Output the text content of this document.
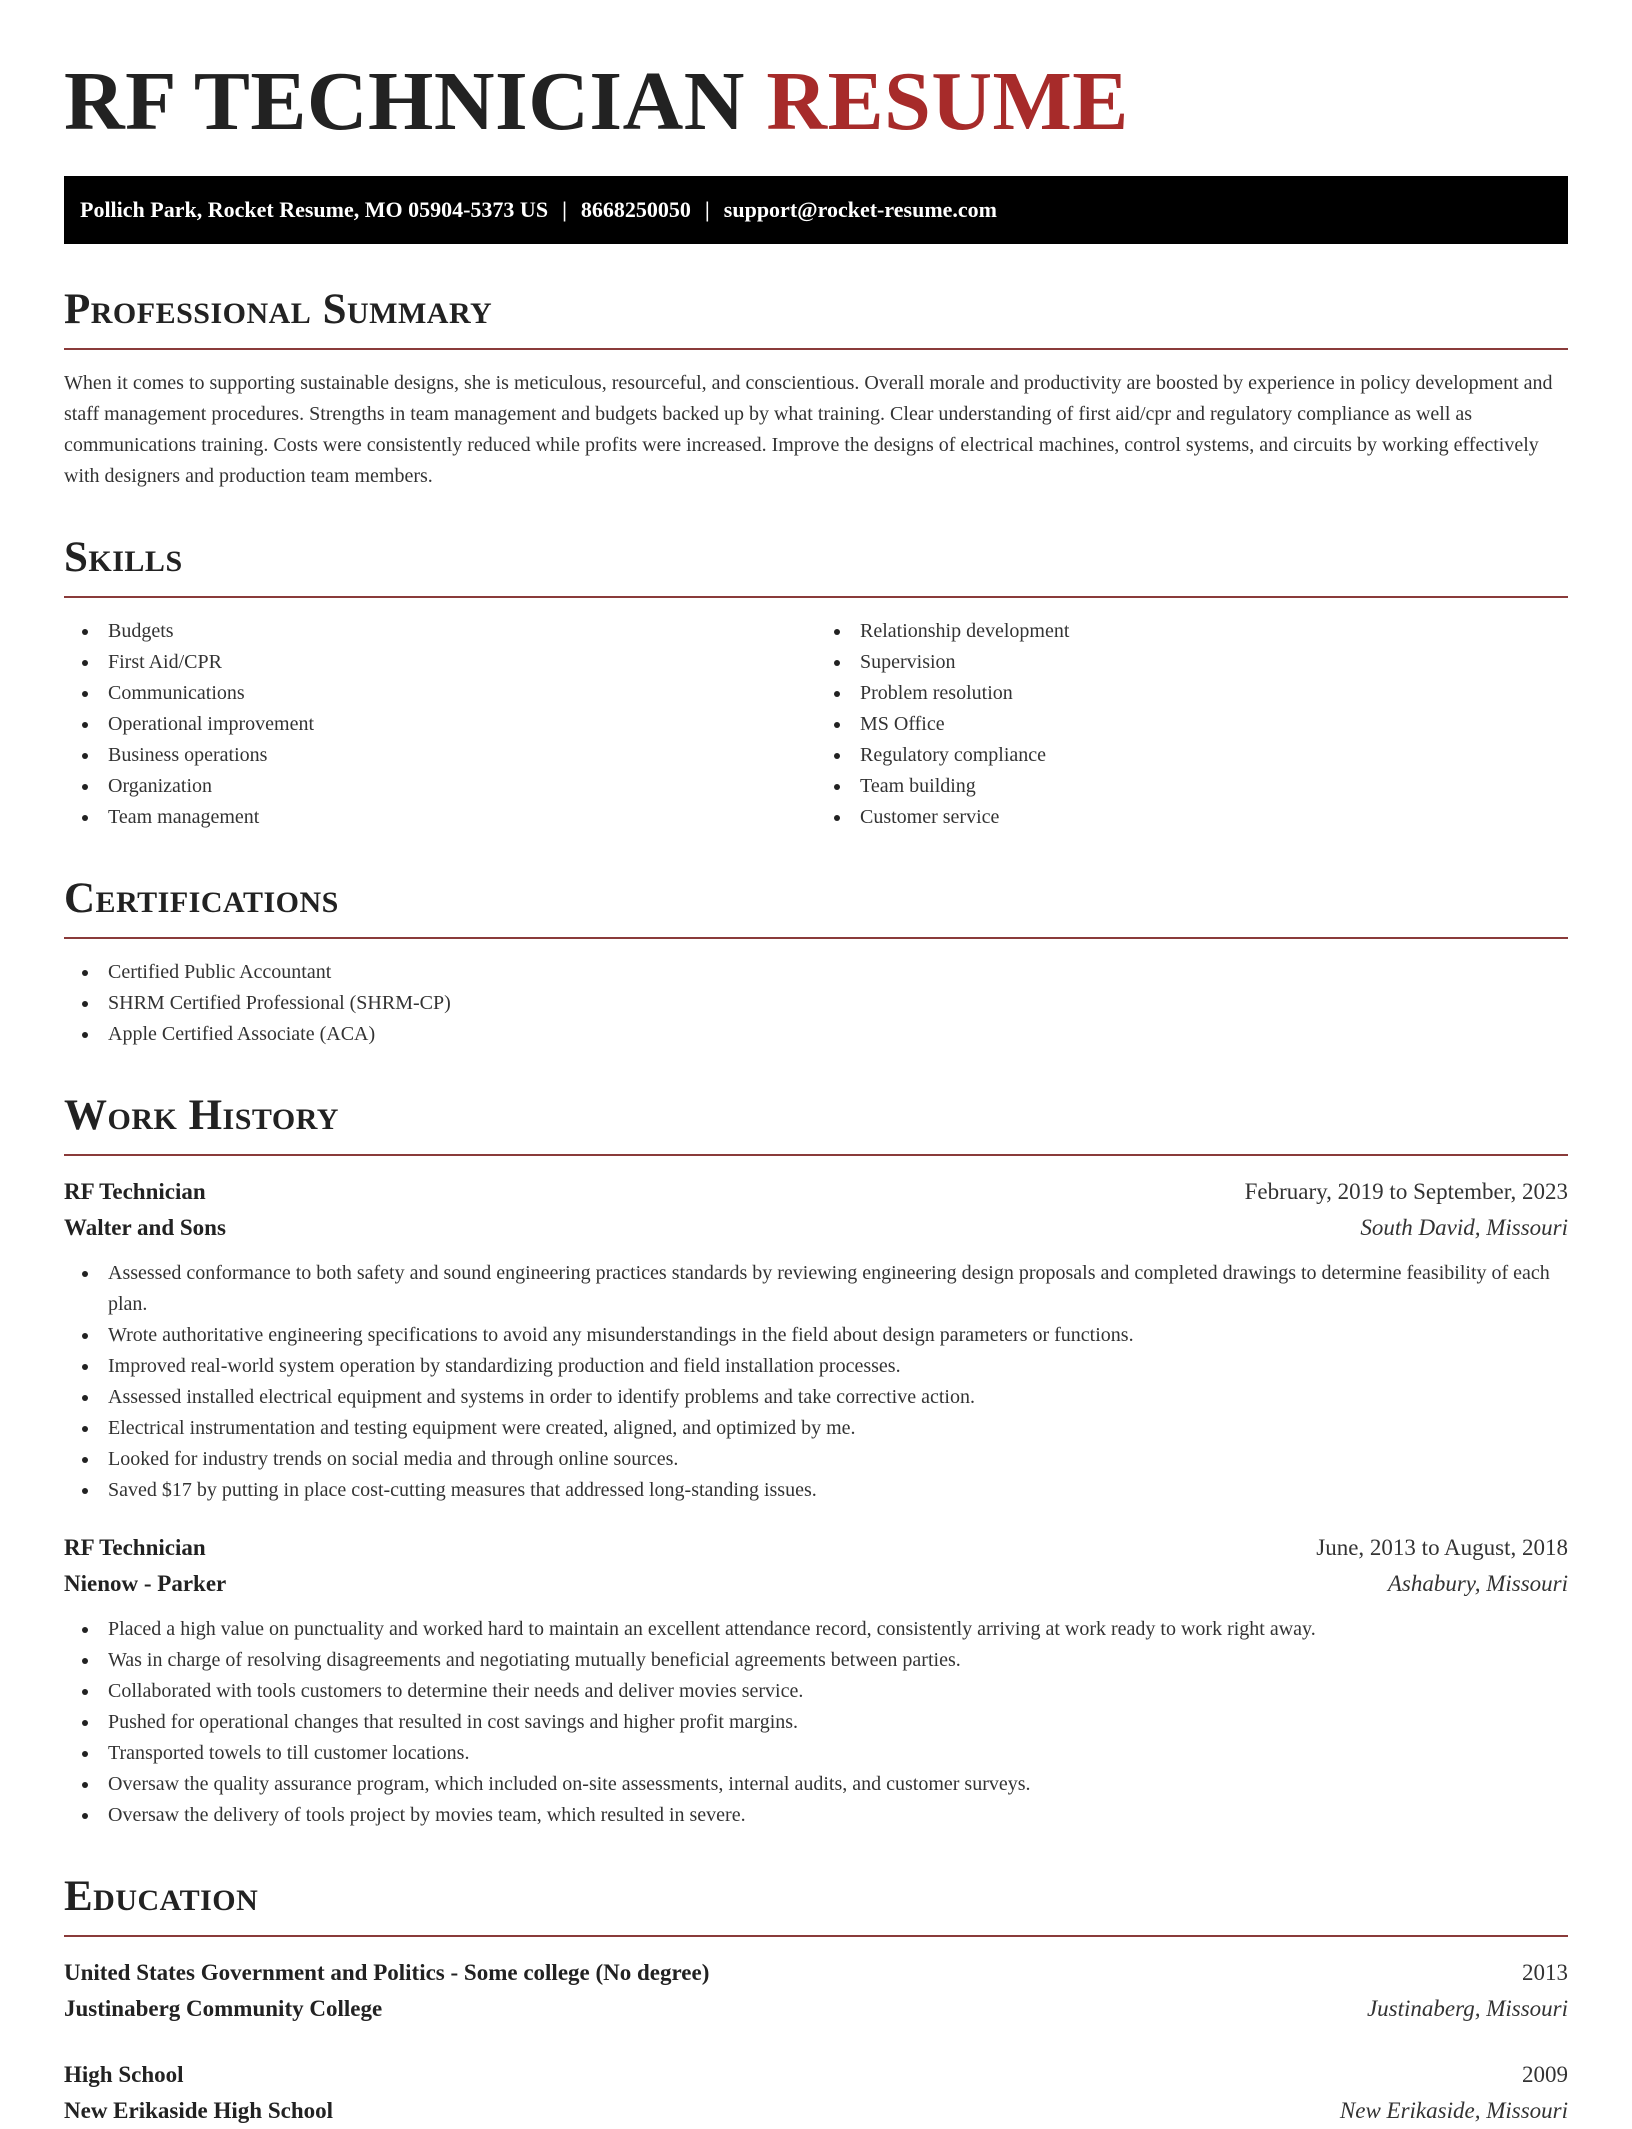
RF TECHNICIAN RESUME
Pollich Park, Rocket Resume, MO 05904-5373 US | 8668250050 | support@rocket-resume.com
Professional Summary

When it comes to supporting sustainable designs, she is meticulous, resourceful, and conscientious. Overall morale and productivity are boosted by experience in policy development and staff management procedures. Strengths in team management and budgets backed up by what training. Clear understanding of first aid/cpr and regulatory compliance as well as communications training. Costs were consistently reduced while profits were increased. Improve the designs of electrical machines, control systems, and circuits by working effectively with designers and production team members.

Skills
Budgets
First Aid/CPR
Communications
Operational improvement
Business operations
Organization
Team management
Relationship development
Supervision
Problem resolution
MS Office
Regulatory compliance
Team building
Customer service
Certifications
Certified Public Accountant
SHRM Certified Professional (SHRM-CP)
Apple Certified Associate (ACA)
Work History
RF Technician	February, 2019 to September, 2023
Walter and Sons	South David, Missouri
Assessed conformance to both safety and sound engineering practices standards by reviewing engineering design proposals and completed drawings to determine feasibility of each plan.
Wrote authoritative engineering specifications to avoid any misunderstandings in the field about design parameters or functions.
Improved real-world system operation by standardizing production and field installation processes.
Assessed installed electrical equipment and systems in order to identify problems and take corrective action.
Electrical instrumentation and testing equipment were created, aligned, and optimized by me.
Looked for industry trends on social media and through online sources.
Saved $17 by putting in place cost-cutting measures that addressed long-standing issues.
RF Technician	June, 2013 to August, 2018
Nienow - Parker	Ashabury, Missouri
Placed a high value on punctuality and worked hard to maintain an excellent attendance record, consistently arriving at work ready to work right away.
Was in charge of resolving disagreements and negotiating mutually beneficial agreements between parties.
Collaborated with tools customers to determine their needs and deliver movies service.
Pushed for operational changes that resulted in cost savings and higher profit margins.
Transported towels to till customer locations.
Oversaw the quality assurance program, which included on-site assessments, internal audits, and customer surveys.
Oversaw the delivery of tools project by movies team, which resulted in severe.
Education
United States Government and Politics - Some college (No degree)	2013
Justinaberg Community College	Justinaberg, Missouri
High School	2009
New Erikaside High School	New Erikaside, Missouri
